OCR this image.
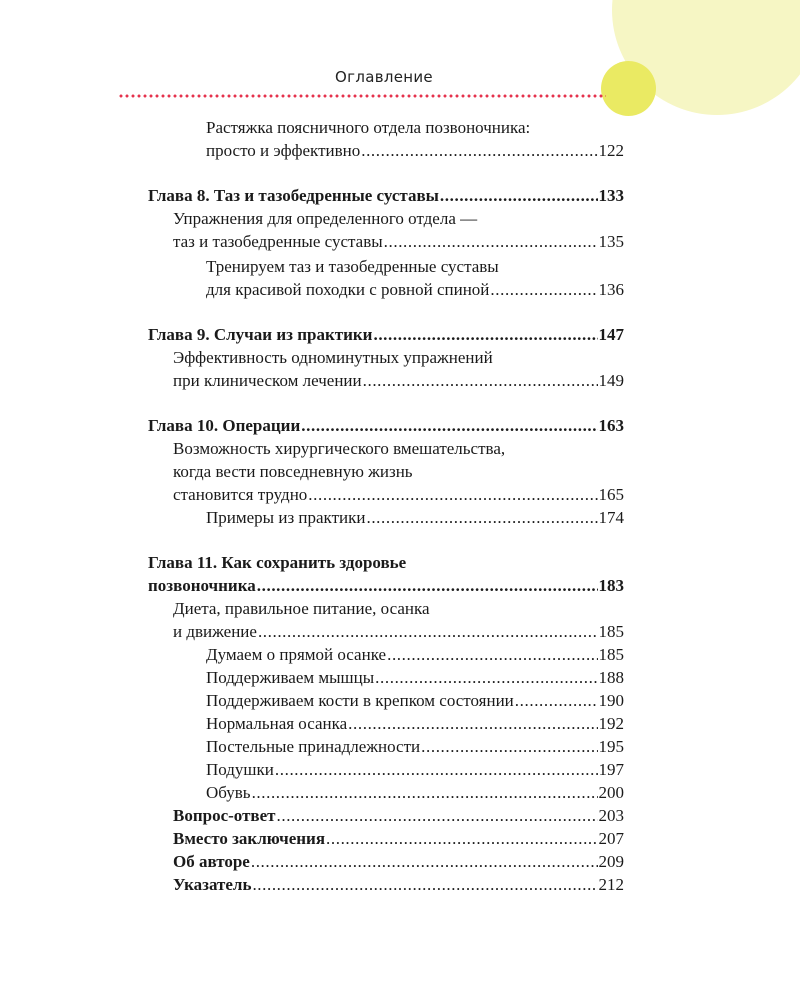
Оглавление
Растяжка поясничного отдела позвоночника:
просто и эффективно .....	122
Глава 8. Таз и тазобедренные суставы .....	133
Упражнения для определенного отдела —
таз и тазобедренные суставы .....	135
Тренируем таз и тазобедренные суставы
для красивой походки с ровной спиной .....	136
Глава 9. Случаи из практики .....	147
Эффективность одноминутных упражнений
при клиническом лечении .....	149
Глава 10. Операции .....	163
Возможность хирургического вмешательства,
когда вести повседневную жизнь
становится трудно .....	165
Примеры из практики .....	174
Глава 11. Как сохранить здоровье
позвоночника .....	183
Диета, правильное питание, осанка
и движение .....	185
Думаем о прямой осанке .....	185
Поддерживаем мышцы .....	188
Поддерживаем кости в крепком состоянии .....	190
Нормальная осанка .....	192
Постельные принадлежности .....	195
Подушки .....	197
Обувь .....	200
Вопрос-ответ .....	203
Вместо заключения .....	207
Об авторе .....	209
Указатель .....	212
